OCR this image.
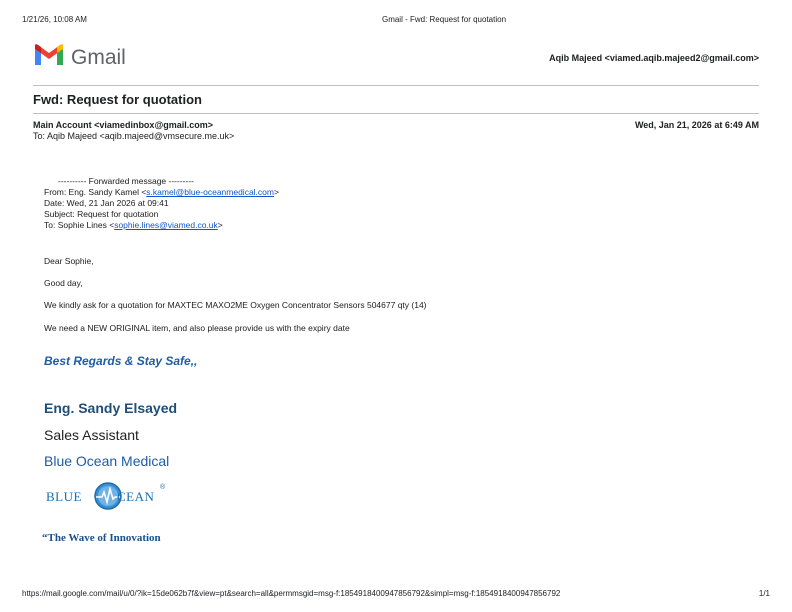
1/21/26, 10:08 AM	Gmail - Fwd: Request for quotation
Gmail	Aqib Majeed <viamed.aqib.majeed2@gmail.com>
Fwd: Request for quotation
Main Account <viamedinbox@gmail.com>	Wed, Jan 21, 2026 at 6:49 AM
To: Aqib Majeed <aqib.majeed@vmsecure.me.uk>
---------- Forwarded message ---------
From: Eng. Sandy Kamel <s.kamel@blue-oceanmedical.com>
Date: Wed, 21 Jan 2026 at 09:41
Subject: Request for quotation
To: Sophie Lines <sophie.lines@viamed.co.uk>
Dear Sophie,
Good day,
We kindly ask for a quotation for MAXTEC MAXO2ME Oxygen Concentrator Sensors 504677 qty (14)
We need a NEW ORIGINAL item, and also please provide us with the expiry date
Best Regards & Stay Safe,,
Eng. Sandy Elsayed
Sales Assistant
Blue Ocean Medical
BLUE	CEAN
®
“The Wave of Innovation
https://mail.google.com/mail/u/0/?ik=15de062b7f&view=pt&search=all&permmsgid=msg-f:1854918400947856792&simpl=msg-f:1854918400947856792	1/1
